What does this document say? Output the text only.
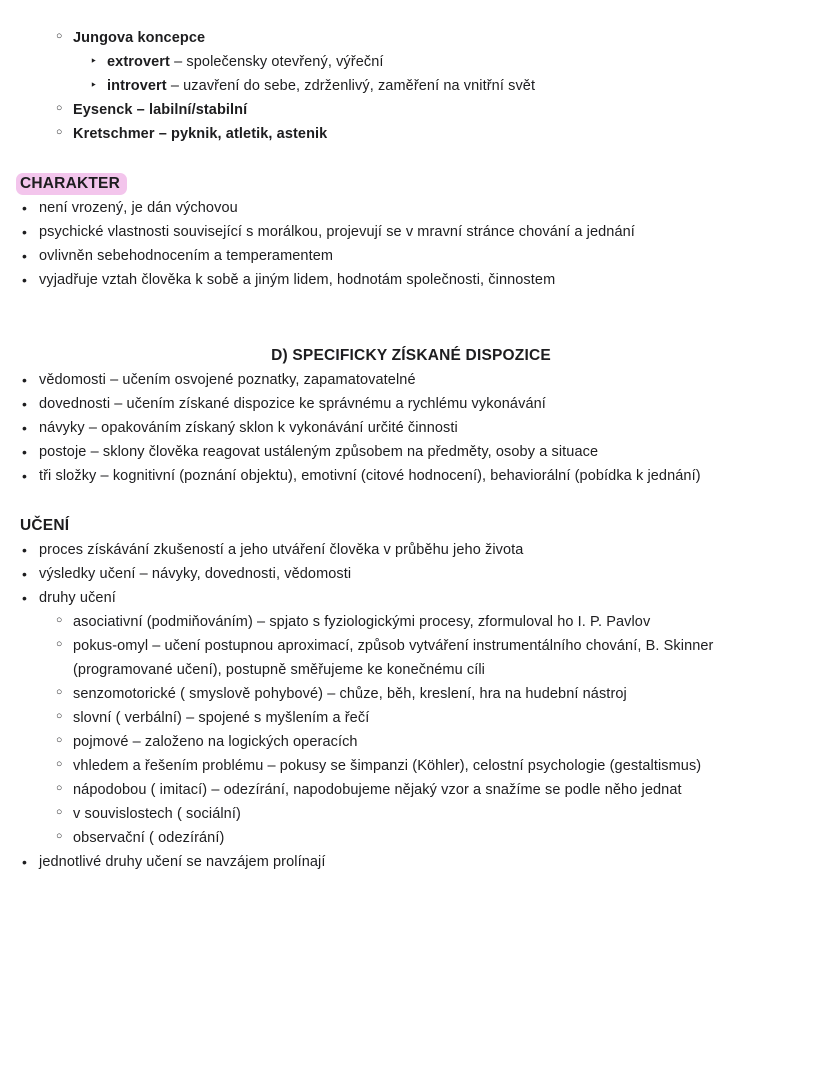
○ Jungova koncepce
‣ extrovert – společensky otevřený, výřeční
‣ introvert – uzavření do sebe, zdrženlivý, zaměření na vnitřní svět
○ Eysenck – labilní/stabilní
○ Kretschmer – pyknik, atletik, astenik
CHARAKTER
• není vrozený, je dán výchovou
• psychické vlastnosti související s morálkou, projevují se v mravní stránce chování a jednání
• ovlivněn sebehodnocením a temperamentem
• vyjadřuje vztah člověka k sobě a jiným lidem, hodnotám společnosti, činnostem
D) SPECIFICKY ZÍSKANÉ DISPOZICE
• vědomosti – učením osvojené poznatky, zapamatovatelné
• dovednosti – učením získané dispozice ke správnému a rychlému vykonávání
• návyky – opakováním získaný sklon k vykonávání určité činnosti
• postoje – sklony člověka reagovat ustáleným způsobem na předměty, osoby a situace
• tři složky – kognitivní (poznání objektu), emotivní (citové hodnocení), behaviorální (pobídka k jednání)
UČENÍ
• proces získávání zkušeností a jeho utváření člověka v průběhu jeho života
• výsledky učení – návyky, dovednosti, vědomosti
• druhy učení
○ asociativní (podmiňováním) – spjato s fyziologickými procesy, zformuloval ho I. P. Pavlov
○ pokus-omyl – učení postupnou aproximací, způsob vytváření instrumentálního chování, B. Skinner (programované učení), postupně směřujeme ke konečnému cíli
○ senzomotorické ( smyslově pohybové) – chůze, běh, kreslení, hra na hudební nástroj
○ slovní ( verbální) – spojené s myšlením a řečí
○ pojmové – založeno na logických operacích
○ vhledem a řešením problému – pokusy se šimpanzi (Köhler), celostní psychologie (gestaltismus)
○ nápodobou ( imitací) – odezírání, napodobujeme nějaký vzor a snažíme se podle něho jednat
○ v souvislostech ( sociální)
○ observační ( odezírání)
• jednotlivé druhy učení se navzájem prolínají
